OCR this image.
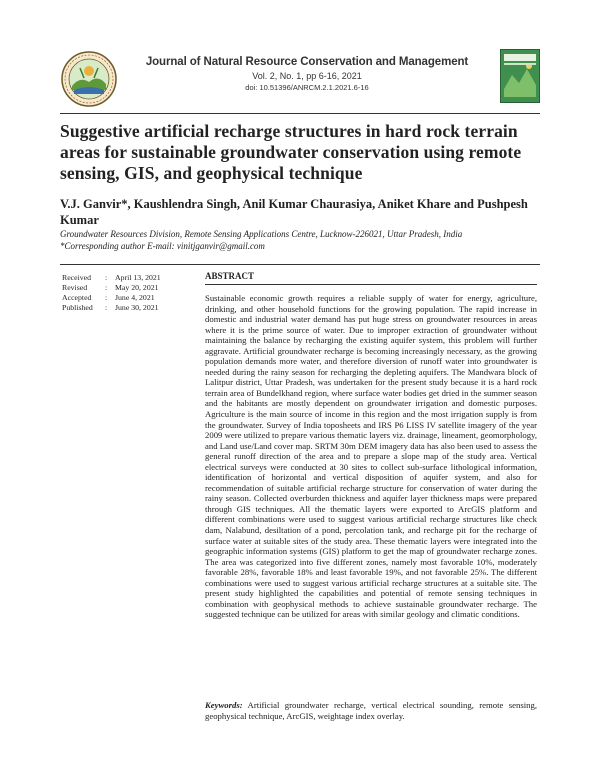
Journal of Natural Resource Conservation and Management
Vol. 2, No. 1, pp 6-16, 2021
doi: 10.51396/ANRCM.2.1.2021.6-16
Suggestive artificial recharge structures in hard rock terrain areas for sustainable groundwater conservation using remote sensing, GIS, and geophysical technique
V.J. Ganvir*, Kaushlendra Singh, Anil Kumar Chaurasiya, Aniket Khare and Pushpesh Kumar
Groundwater Resources Division, Remote Sensing Applications Centre, Lucknow-226021, Uttar Pradesh, India
*Corresponding author E-mail: vinitjganvir@gmail.com
Received	:	April 13, 2021
Revised	:	May 20, 2021
Accepted	:	June 4, 2021
Published	:	June 30, 2021
ABSTRACT
Sustainable economic growth requires a reliable supply of water for energy, agriculture, drinking, and other household functions for the growing population. The rapid increase in domestic and industrial water demand has put huge stress on groundwater resources in areas where it is the prime source of water. Due to improper extraction of groundwater without maintaining the balance by recharging the existing aquifer system, this problem will further aggravate. Artificial groundwater recharge is becoming increasingly necessary, as the growing population demands more water, and therefore diversion of runoff water into groundwater is needed during the rainy season for recharging the depleting aquifers. The Mandwara block of Lalitpur district, Uttar Pradesh, was undertaken for the present study because it is a hard rock terrain area of Bundelkhand region, where surface water bodies get dried in the summer season and the habitants are mostly dependent on groundwater irrigation and domestic purposes. Agriculture is the main source of income in this region and the most irrigation supply is from the groundwater. Survey of India toposheets and IRS P6 LISS IV satellite imagery of the year 2009 were utilized to prepare various thematic layers viz. drainage, lineament, geomorphology, and Land use/Land cover map. SRTM 30m DEM imagery data has also been used to assess the general runoff direction of the area and to prepare a slope map of the study area. Vertical electrical surveys were conducted at 30 sites to collect sub-surface lithological information, identification of horizontal and vertical disposition of aquifer system, and also for recommendation of suitable artificial recharge structure for conservation of water during the rainy season. Collected overburden thickness and aquifer layer thickness maps were prepared through GIS techniques. All the thematic layers were exported to ArcGIS platform and different combinations were used to suggest various artificial recharge structures like check dam, Nalabund, desiltation of a pond, percolation tank, and recharge pit for the recharge of surface water at suitable sites of the study area. These thematic layers were integrated into the geographic information systems (GIS) platform to get the map of groundwater recharge zones. The area was categorized into five different zones, namely most favorable 10%, moderately favorable 28%, favorable 18% and least favorable 19%, and not favorable 25%. The different combinations were used to suggest various artificial recharge structures at a suitable site. The present study highlighted the capabilities and potential of remote sensing techniques in combination with geophysical methods to achieve sustainable groundwater recharge. The suggested technique can be utilized for areas with similar geology and climatic conditions.
Keywords: Artificial groundwater recharge, vertical electrical sounding, remote sensing, geophysical technique, ArcGIS, weightage index overlay.
